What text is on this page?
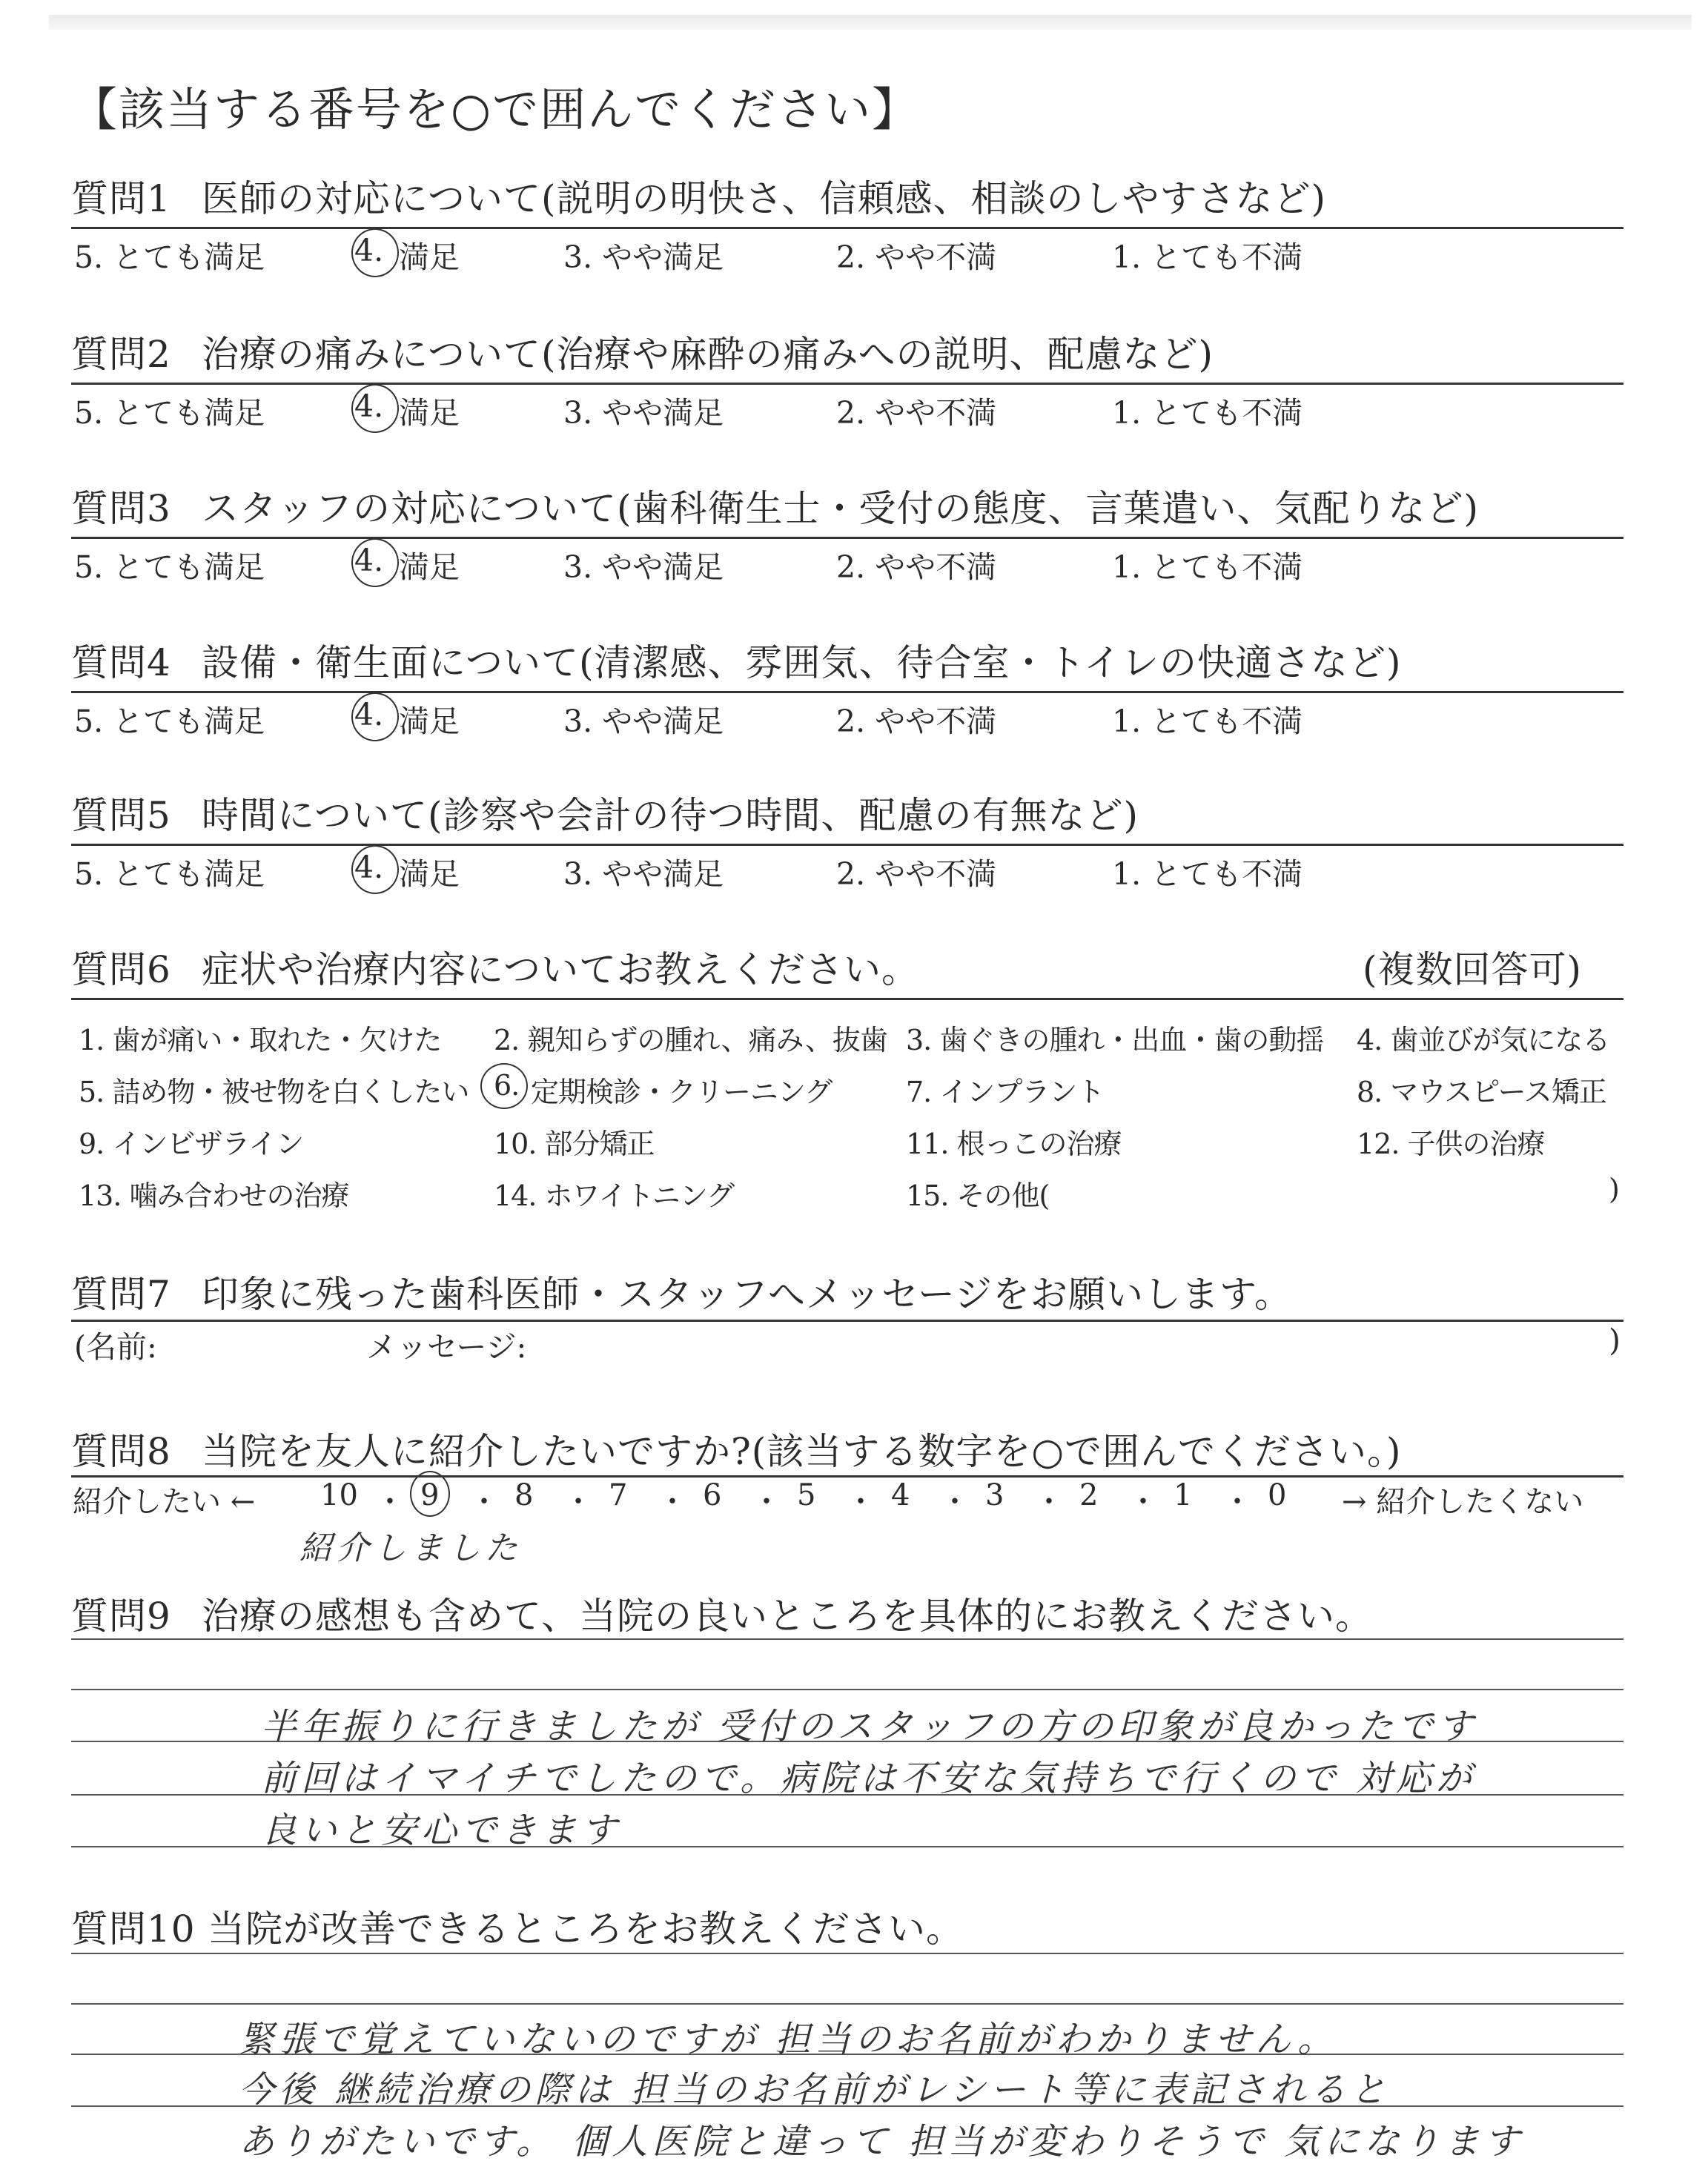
【該当する番号を○で囲んでください】
質問1 医師の対応について(説明の明快さ、信頼感、相談のしやすさなど)
5. とても満足	4. 満足	3. やや満足	2. やや不満	1. とても不満
質問2 治療の痛みについて(治療や麻酔の痛みへの説明、配慮など)
5. とても満足	4. 満足	3. やや満足	2. やや不満	1. とても不満
質問3 スタッフの対応について(歯科衛生士・受付の態度、言葉遣い、気配りなど)
5. とても満足	4. 満足	3. やや満足	2. やや不満	1. とても不満
質問4 設備・衛生面について(清潔感、雰囲気、待合室・トイレの快適さなど)
5. とても満足	4. 満足	3. やや満足	2. やや不満	1. とても不満
質問5 時間について(診察や会計の待つ時間、配慮の有無など)
5. とても満足	4. 満足	3. やや満足	2. やや不満	1. とても不満
質問6 症状や治療内容についてお教えください。	(複数回答可)
1. 歯が痛い・取れた・欠けた 2. 親知らずの腫れ、痛み、抜歯 3. 歯ぐきの腫れ・出血・歯の動揺 4. 歯並びが気になる
5. 詰め物・被せ物を白くしたい 6. 定期検診・クリーニング	7. インプラント	8. マウスピース矯正
9. インビザライン	10. 部分矯正	11. 根っこの治療	12. 子供の治療
13. 噛み合わせの治療	14. ホワイトニング	15. その他(	)
質問7 印象に残った歯科医師・スタッフへメッセージをお願いします。
(名前:	メッセージ:	)
質問8 当院を友人に紹介したいですか?(該当する数字を○で囲んでください。)
紹介したい ← 10 ・ 9 ・ 8 ・ 7 ・ 6 ・ 5 ・ 4 ・ 3 ・ 2 ・ 1 ・ 0 → 紹介したくない
紹介しました
質問9 治療の感想も含めて、当院の良いところを具体的にお教えください。
半年振りに行きましたが 受付のスタッフの方の印象が良かったです
前回はイマイチでしたので。病院は不安な気持ちで行くので 対応が
良いと安心できます
質問10 当院が改善できるところをお教えください。
緊張で覚えていないのですが 担当のお名前がわかりません。
今後 継続治療の際は 担当のお名前がレシート等に表記されると
ありがたいです。 個人医院と違って 担当が変わりそうで 気になります
